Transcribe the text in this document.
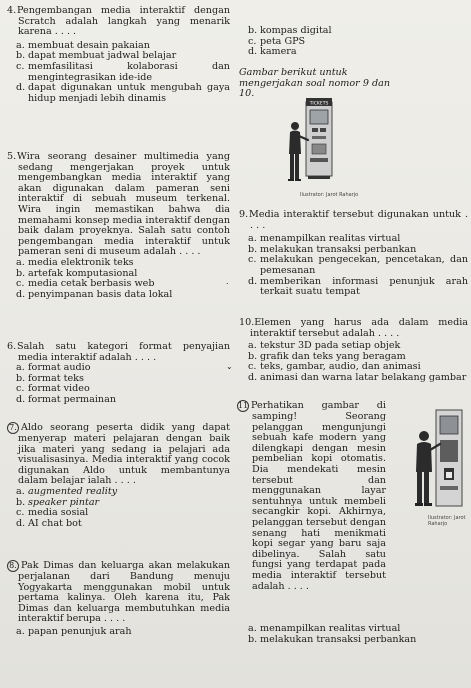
4.Pengembangan media interaktif dengan Scratch adalah langkah yang menarik karena . . . .

a. membuat desain pakaian

b. dapat membuat jadwal belajar

c. memfasilitasi kolaborasi dan mengintegrasikan ide-ide

d. dapat digunakan untuk mengubah gaya hidup menjadi lebih dinamis

5.Wira seorang desainer multimedia yang sedang mengerjakan proyek untuk mengembangkan media interaktif yang akan digunakan dalam pameran seni interaktif di sebuah museum terkenal. Wira ingin memastikan bahwa dia memahami konsep media interaktif dengan baik dalam proyeknya. Salah satu contoh pengembangan media interaktif untuk pameran seni di museum adalah . . . .

a. media elektronik teks

b. artefak komputasional

c. media cetak berbasis web

d. penyimpanan basis data lokal

6.Salah satu kategori format penyajian media interaktif adalah . . . .

a. format audio

b. format teks

c. format video

d. format permainan

7. Aldo seorang peserta didik yang dapat menyerap materi pelajaran dengan baik jika materi yang sedang ia pelajari ada visualisasinya. Media interaktif yang cocok digunakan Aldo untuk membantunya dalam belajar ialah . . . .

a. augmented reality

b. speaker pintar

c. media sosial

d. AI chat bot

8. Pak Dimas dan keluarga akan melakukan perjalanan dari Bandung menuju Yogyakarta menggunakan mobil untuk pertama kalinya. Oleh karena itu, Pak Dimas dan keluarga membutuhkan media interaktif berupa . . . .

a. papan penunjuk arah

b. kompas digital

c. peta GPS

d. kamera

Gambar berikut untuk mengerjakan soal nomor 9 dan 10.

TICKETS
Ilustrator: Jarot Raharjo

9.Media interaktif tersebut digunakan untuk . . . .

a. menampilkan realitas virtual

b. melakukan transaksi perbankan

c. melakukan pengecekan, pencetakan, dan pemesanan

.	d. memberikan informasi penunjuk arah terkait suatu tempat

10.Elemen yang harus ada dalam media interaktif tersebut adalah . . . .

a. tekstur 3D pada setiap objek

b. grafik dan teks yang beragam

⌄	c. teks, gambar, audio, dan animasi

d. animasi dan warna latar belakang gambar

11 Perhatikan gambar di samping! Seorang pelanggan mengunjungi sebuah kafe modern yang dilengkapi dengan mesin pembelian kopi otomatis. Dia mendekati mesin tersebut dan menggunakan layar sentuhnya untuk membeli secangkir kopi. Akhirnya, pelanggan tersebut dengan senang hati menikmati kopi segar yang baru saja dibelinya. Salah satu fungsi yang terdapat pada media interaktif tersebut adalah . . . .

Ilustrator: Jarot Raharjo

a. menampilkan realitas virtual

b. melakukan transaksi perbankan
